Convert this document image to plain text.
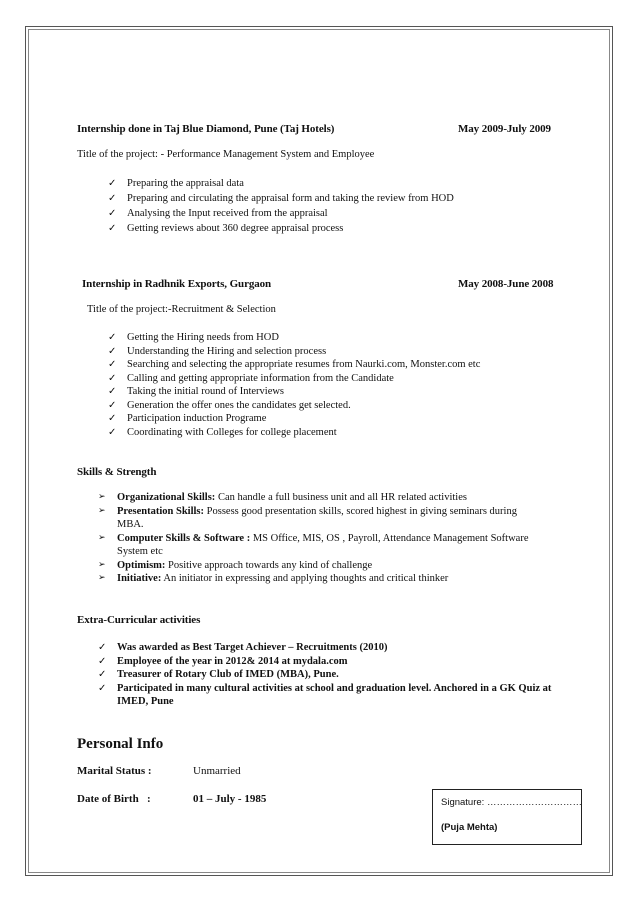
Internship done in Taj Blue Diamond, Pune (Taj Hotels)	May 2009-July 2009
Title of the project: - Performance Management System and Employee
✓ Preparing the appraisal data
✓ Preparing and circulating the appraisal form and taking the review from HOD
✓ Analysing the Input received from the appraisal
✓ Getting reviews about 360 degree appraisal process
Internship in Radhnik Exports, Gurgaon	May 2008-June 2008
Title of the project:-Recruitment & Selection
✓ Getting the Hiring needs from HOD
✓ Understanding the Hiring and selection process
✓ Searching and selecting the appropriate resumes from Naurki.com, Monster.com etc
✓ Calling and getting appropriate information from the Candidate
✓ Taking the initial round of Interviews
✓ Generation the offer ones the candidates get selected.
✓ Participation induction Programe
✓ Coordinating with Colleges for college placement
Skills & Strength
➢ Organizational Skills: Can handle a full business unit and all HR related activities
➢ Presentation Skills: Possess good presentation skills, scored highest in giving seminars during MBA.
➢ Computer Skills & Software : MS Office, MIS, OS , Payroll, Attendance Management Software System etc
➢ Optimism: Positive approach towards any kind of challenge
➢ Initiative: An initiator in expressing and applying thoughts and critical thinker
Extra-Curricular activities
✓ Was awarded as Best Target Achiever – Recruitments (2010)
✓ Employee of the year in 2012& 2014 at mydala.com
✓ Treasurer of Rotary Club of IMED (MBA), Pune.
✓ Participated in many cultural activities at school and graduation level. Anchored in a GK Quiz at IMED, Pune
Personal Info
Marital Status :	Unmarried
Date of Birth   :	01 – July - 1985	Signature: …………………………
(Puja Mehta)
